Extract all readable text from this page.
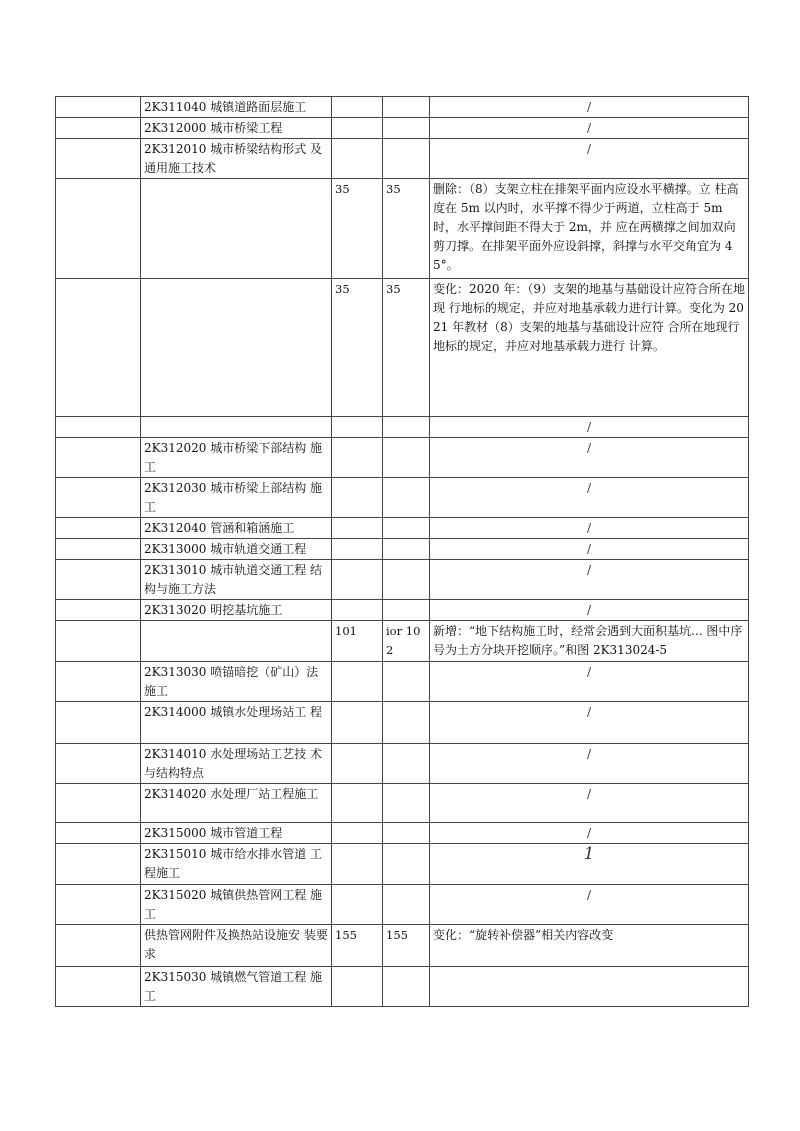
	2K311040 城镇道路面层施工			/
	2K312000 城市桥梁工程			/
	2K312010 城市桥梁结构形式 及通用施工技术			/
		35	35	删除：（8）支架立柱在排架平面内应设水平横撑。立 柱高度在 5m 以内时，水平撑不得少于两道，立柱高于 5m时，水平撑间距不得大于 2m，并 应在两横撑之间加双向剪刀撑。在排架平面外应设斜撑，斜撑与水平交角宜为 45°。
		35	35	变化：2020 年：（9）支架的地基与基础设计应符合所在地现 行地标的规定，并应对地基承载力进行计算。变化为 2021 年教材（8）支架的地基与基础设计应符 合所在地现行地标的规定，并应对地基承载力进行 计算。
				/
	2K312020 城市桥梁下部结构 施工			/
	2K312030 城市桥梁上部结构 施工			/
	2K312040 管涵和箱涵施工			/
	2K313000 城市轨道交通工程			/
	2K313010 城市轨道交通工程 结构与施工方法			/
	2K313020 明挖基坑施工			/
		101	ior 102	新增：“地下结构施工时，经常会遇到大面积基坑... 图中序号为土方分块开挖顺序。”和图 2K313024-5
	2K313030 喷锚暗挖（矿山）法 施工			/
	2K314000 城镇水处理场站工 程			/
	2K314010 水处理场站工艺技 术与结构特点			/
	2K314020 水处理厂站工程施工			/
	2K315000 城市管道工程			/
	2K315010 城市给水排水管道 工程施工			1
	2K315020 城镇供热管网工程 施工			/
	供热管网附件及换热站设施安 装要求	155	155	变化：“旋转补偿器”相关内容改变
	2K315030 城镇燃气管道工程 施工			
